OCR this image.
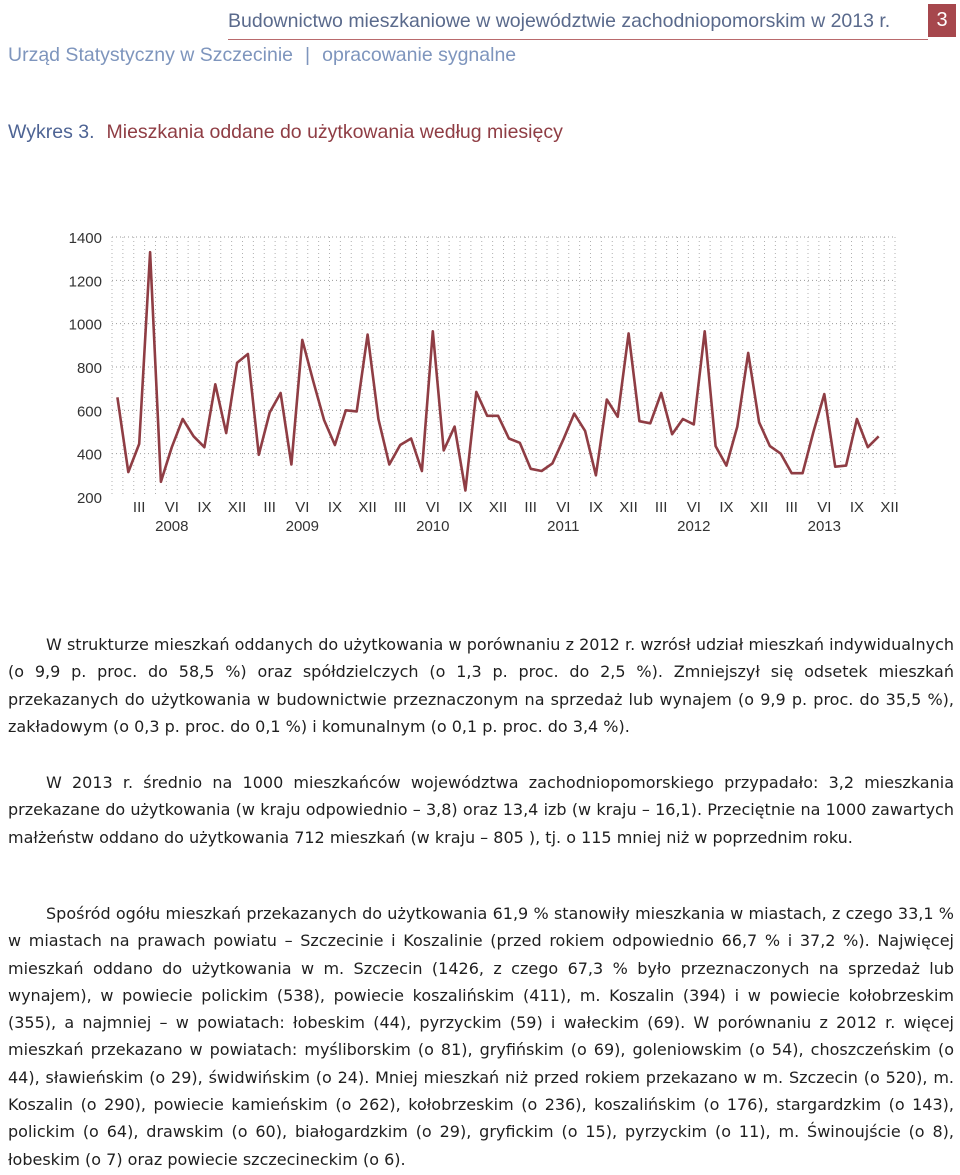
Budownictwo mieszkaniowe w województwie zachodniopomorskim w 2013 r.	3
Urząd Statystyczny w Szczecinie | opracowanie sygnalne
Wykres 3. Mieszkania oddane do użytkowania według miesięcy
200
400
600
800
1000
1200
1400
III VI IX XII
2008
III VI IX XII
2009
III VI IX XII
2010
III VI IX XII
2011
III VI IX XII
2012
III VI IX XII
2013

W strukturze mieszkań oddanych do użytkowania w porównaniu z 2012 r. wzrósł udział mieszkań indywidualnych (o 9,9 p. proc. do 58,5 %) oraz spółdzielczych (o 1,3 p. proc. do 2,5 %). Zmniejszył się odsetek mieszkań przekazanych do użytkowania w budownictwie przeznaczonym na sprzedaż lub wynajem (o 9,9 p. proc. do 35,5 %), zakładowym (o 0,3 p. proc. do 0,1 %) i komunalnym (o 0,1 p. proc. do 3,4 %).

W 2013 r. średnio na 1000 mieszkańców województwa zachodniopomorskiego przypadało: 3,2 mieszkania przekazane do użytkowania (w kraju odpowiednio – 3,8) oraz 13,4 izb (w kraju – 16,1). Przeciętnie na 1000 zawartych małżeństw oddano do użytkowania 712 mieszkań (w kraju – 805 ), tj. o 115 mniej niż w poprzednim roku.

Spośród ogółu mieszkań przekazanych do użytkowania 61,9 % stanowiły mieszkania w miastach, z czego 33,1 % w miastach na prawach powiatu – Szczecinie i Koszalinie (przed rokiem odpowiednio 66,7 % i 37,2 %). Najwięcej mieszkań oddano do użytkowania w m. Szczecin (1426, z czego 67,3 % było przeznaczonych na sprzedaż lub wynajem), w powiecie polickim (538), powiecie koszalińskim (411), m. Koszalin (394) i w powiecie kołobrzeskim (355), a najmniej – w powiatach: łobeskim (44), pyrzyckim (59) i wałeckim (69). W porównaniu z 2012 r. więcej mieszkań przekazano w powiatach: myśliborskim (o 81), gryfińskim (o 69), goleniowskim (o 54), choszczeńskim (o 44), sławieńskim (o 29), świdwińskim (o 24). Mniej mieszkań niż przed rokiem przekazano w m. Szczecin (o 520), m. Koszalin (o 290), powiecie kamieńskim (o 262), kołobrzeskim (o 236), koszalińskim (o 176), stargardzkim (o 143), polickim (o 64), drawskim (o 60), białogardzkim (o 29), gryfickim (o 15), pyrzyckim (o 11), m. Świnoujście (o 8), łobeskim (o 7) oraz powiecie szczecineckim (o 6).
